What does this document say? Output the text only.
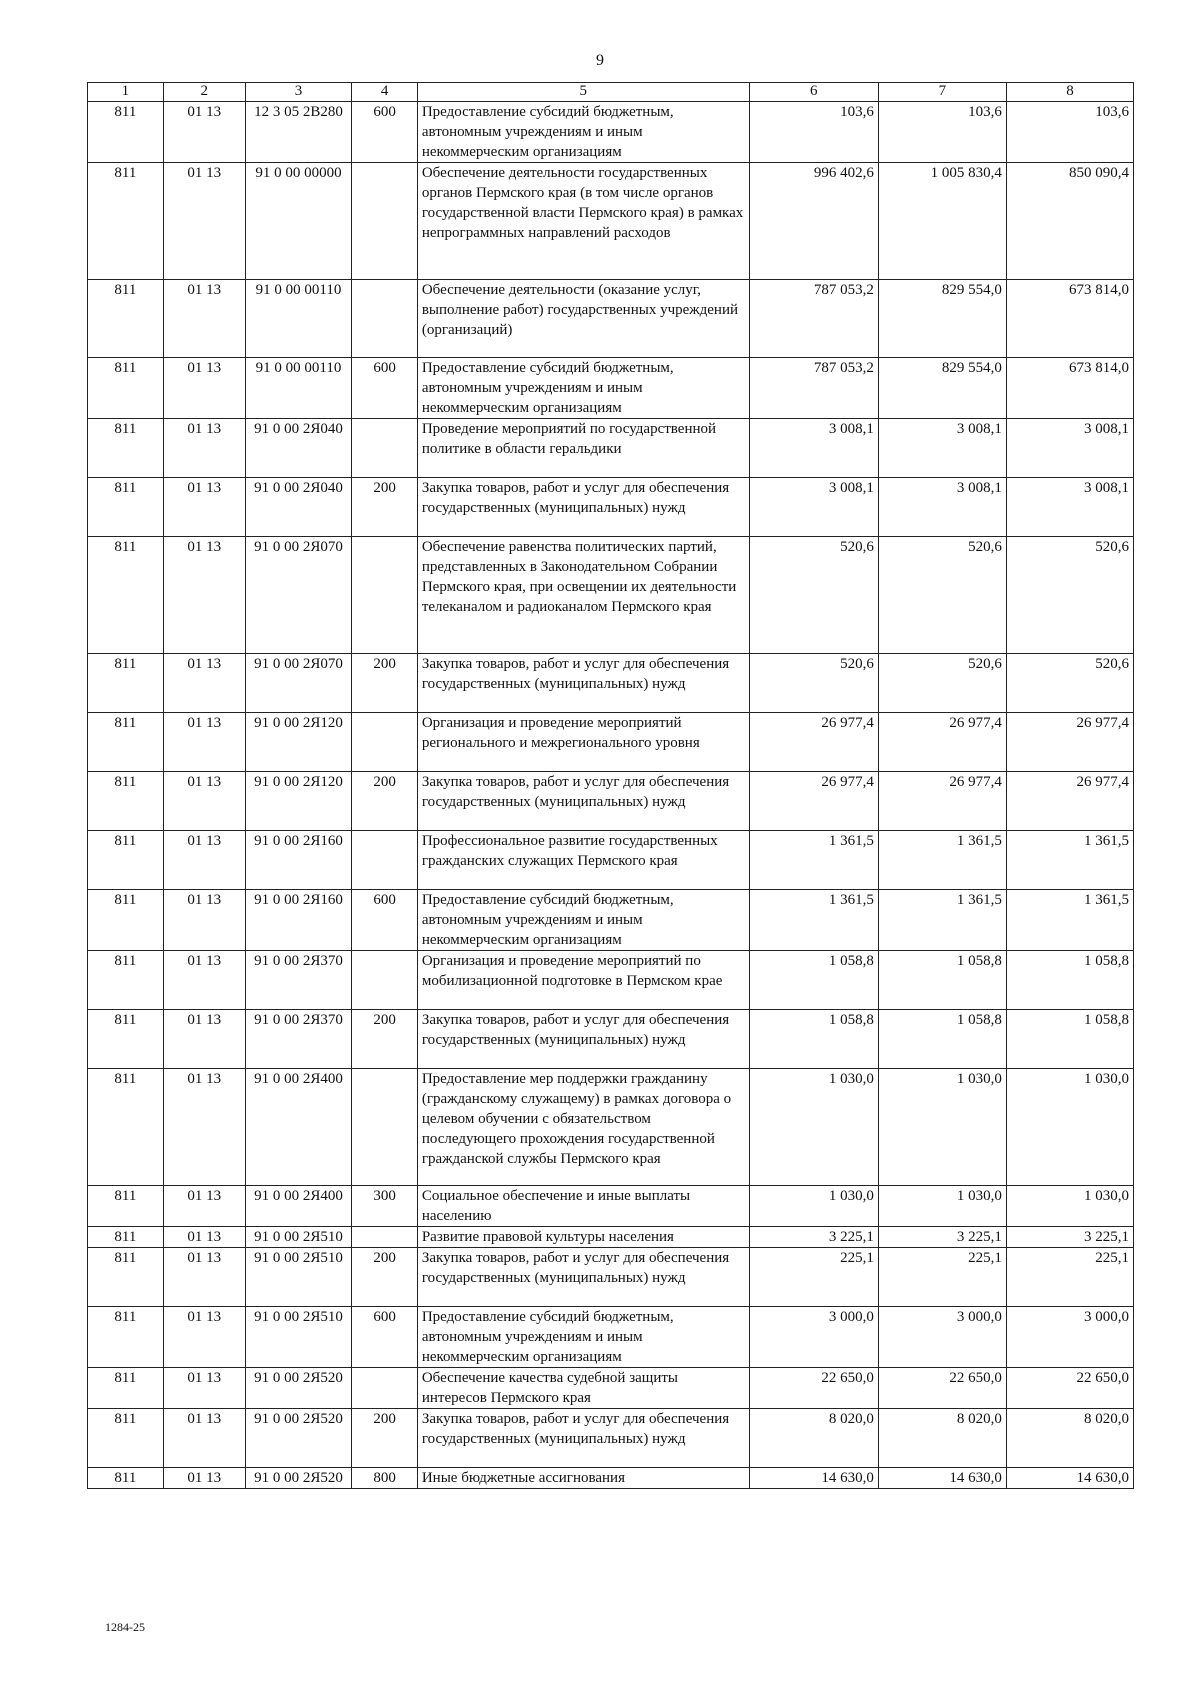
9
1	2	3	4	5	6	7	8
811	01 13	12 3 05 2В280	600	Предоставление субсидий бюджетным, автономным учреждениям и иным некоммерческим организациям	103,6	103,6	103,6
811	01 13	91 0 00 00000		Обеспечение деятельности государственных органов Пермского края (в том числе органов государственной власти Пермского края) в рамках непрограммных направлений расходов	996 402,6	1 005 830,4	850 090,4
811	01 13	91 0 00 00110		Обеспечение деятельности (оказание услуг, выполнение работ) государственных учреждений (организаций)	787 053,2	829 554,0	673 814,0
811	01 13	91 0 00 00110	600	Предоставление субсидий бюджетным, автономным учреждениям и иным некоммерческим организациям	787 053,2	829 554,0	673 814,0
811	01 13	91 0 00 2Я040		Проведение мероприятий по государственной политике в области геральдики	3 008,1	3 008,1	3 008,1
811	01 13	91 0 00 2Я040	200	Закупка товаров, работ и услуг для обеспечения государственных (муниципальных) нужд	3 008,1	3 008,1	3 008,1
811	01 13	91 0 00 2Я070		Обеспечение равенства политических партий, представленных в Законодательном Собрании Пермского края, при освещении их деятельности телеканалом и радиоканалом Пермского края	520,6	520,6	520,6
811	01 13	91 0 00 2Я070	200	Закупка товаров, работ и услуг для обеспечения государственных (муниципальных) нужд	520,6	520,6	520,6
811	01 13	91 0 00 2Я120		Организация и проведение мероприятий регионального и межрегионального уровня	26 977,4	26 977,4	26 977,4
811	01 13	91 0 00 2Я120	200	Закупка товаров, работ и услуг для обеспечения государственных (муниципальных) нужд	26 977,4	26 977,4	26 977,4
811	01 13	91 0 00 2Я160		Профессиональное развитие государственных гражданских служащих Пермского края	1 361,5	1 361,5	1 361,5
811	01 13	91 0 00 2Я160	600	Предоставление субсидий бюджетным, автономным учреждениям и иным некоммерческим организациям	1 361,5	1 361,5	1 361,5
811	01 13	91 0 00 2Я370		Организация и проведение мероприятий по мобилизационной подготовке в Пермском крае	1 058,8	1 058,8	1 058,8
811	01 13	91 0 00 2Я370	200	Закупка товаров, работ и услуг для обеспечения государственных (муниципальных) нужд	1 058,8	1 058,8	1 058,8
811	01 13	91 0 00 2Я400		Предоставление мер поддержки гражданину (гражданскому служащему) в рамках договора о целевом обучении с обязательством последующего прохождения государственной гражданской службы Пермского края	1 030,0	1 030,0	1 030,0
811	01 13	91 0 00 2Я400	300	Социальное обеспечение и иные выплаты населению	1 030,0	1 030,0	1 030,0
811	01 13	91 0 00 2Я510		Развитие правовой культуры населения	3 225,1	3 225,1	3 225,1
811	01 13	91 0 00 2Я510	200	Закупка товаров, работ и услуг для обеспечения государственных (муниципальных) нужд	225,1	225,1	225,1
811	01 13	91 0 00 2Я510	600	Предоставление субсидий бюджетным, автономным учреждениям и иным некоммерческим организациям	3 000,0	3 000,0	3 000,0
811	01 13	91 0 00 2Я520		Обеспечение качества судебной защиты интересов Пермского края	22 650,0	22 650,0	22 650,0
811	01 13	91 0 00 2Я520	200	Закупка товаров, работ и услуг для обеспечения государственных (муниципальных) нужд	8 020,0	8 020,0	8 020,0
811	01 13	91 0 00 2Я520	800	Иные бюджетные ассигнования	14 630,0	14 630,0	14 630,0
1284-25
